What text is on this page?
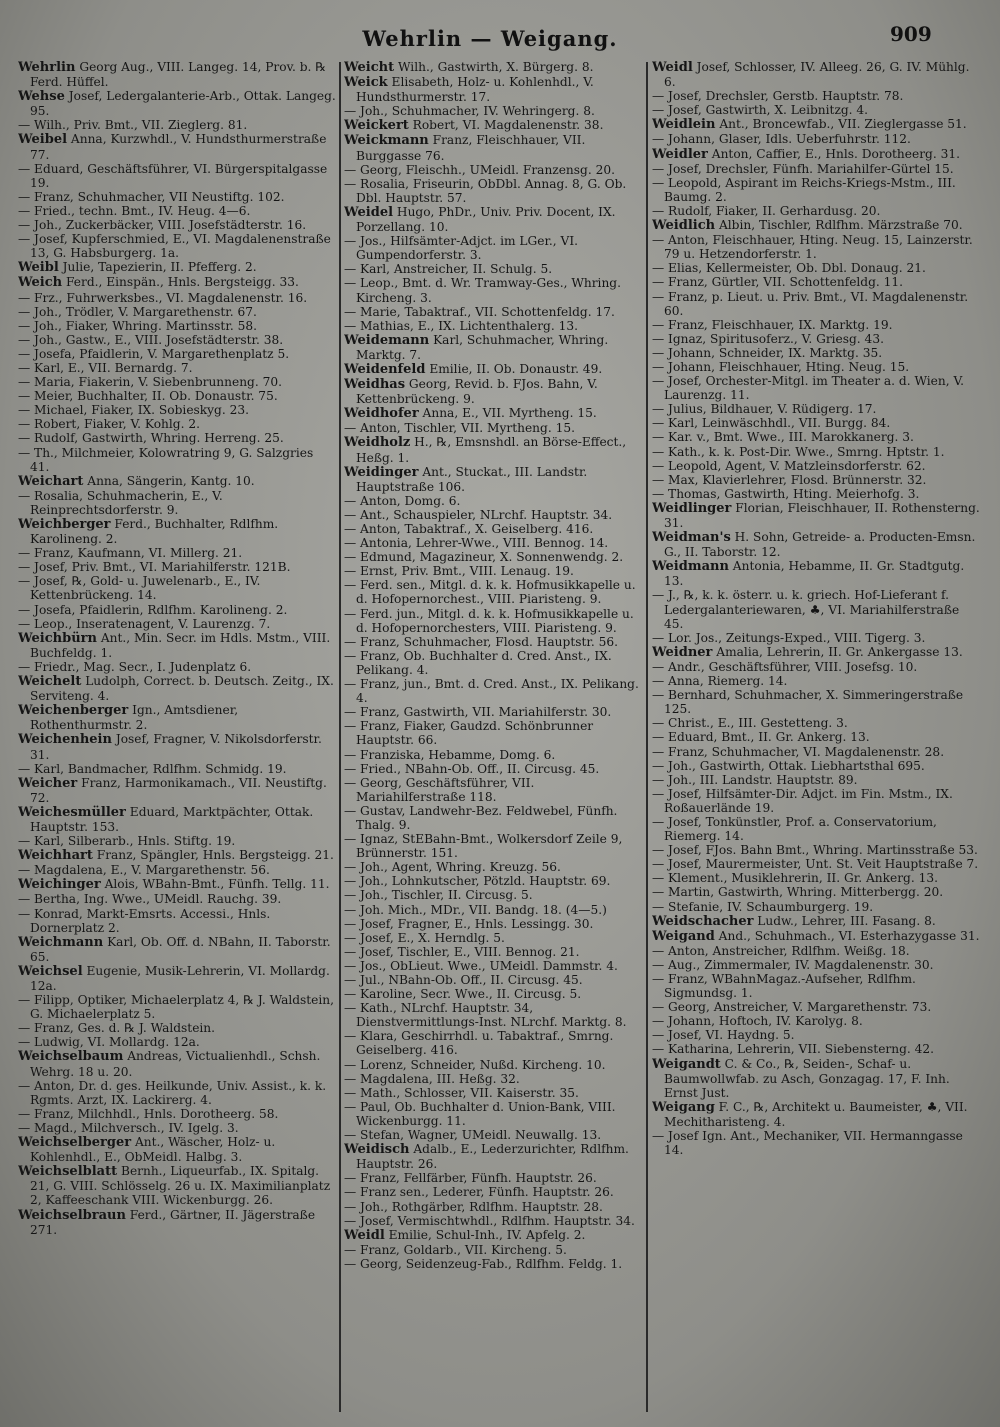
Wehrlin — Weigang.	909

Wehrlin Georg Aug., VIII. Langeg. 14, Prov. b. ℞ Ferd. Hüffel.

Wehse Josef, Ledergalanterie-Arb., Ottak. Langeg. 95.

— Wilh., Priv. Bmt., VII. Zieglerg. 81.

Weibel Anna, Kurzwhdl., V. Hundsthurmerstraße 77.

— Eduard, Geschäftsführer, VI. Bürgerspitalgasse 19.

— Franz, Schuhmacher, VII Neustiftg. 102.

— Fried., techn. Bmt., IV. Heug. 4—6.

— Joh., Zuckerbäcker, VIII. Josefstädterstr. 16.

— Josef, Kupferschmied, E., VI. Magdalenenstraße 13, G. Habsburgerg. 1a.

Weibl Julie, Tapezierin, II. Pfefferg. 2.

Weich Ferd., Einspän., Hnls. Bergsteigg. 33.

— Frz., Fuhrwerksbes., VI. Magdalenenstr. 16.

— Joh., Trödler, V. Margarethenstr. 67.

— Joh., Fiaker, Whring. Martinsstr. 58.

— Joh., Gastw., E., VIII. Josefstädterstr. 38.

— Josefa, Pfaidlerin, V. Margarethenplatz 5.

— Karl, E., VII. Bernardg. 7.

— Maria, Fiakerin, V. Siebenbrunneng. 70.

— Meier, Buchhalter, II. Ob. Donaustr. 75.

— Michael, Fiaker, IX. Sobieskyg. 23.

— Robert, Fiaker, V. Kohlg. 2.

— Rudolf, Gastwirth, Whring. Herreng. 25.

— Th., Milchmeier, Kolowratring 9, G. Salzgries 41.

Weichart Anna, Sängerin, Kantg. 10.

— Rosalia, Schuhmacherin, E., V. Reinprechtsdorferstr. 9.

Weichberger Ferd., Buchhalter, Rdlfhm. Karolineng. 2.

— Franz, Kaufmann, VI. Millerg. 21.

— Josef, Priv. Bmt., VI. Mariahilferstr. 121B.

— Josef, ℞, Gold- u. Juwelenarb., E., IV. Kettenbrückeng. 14.

— Josefa, Pfaidlerin, Rdlfhm. Karolineng. 2.

— Leop., Inseratenagent, V. Laurenzg. 7.

Weichbürn Ant., Min. Secr. im Hdls. Mstm., VIII. Buchfeldg. 1.

— Friedr., Mag. Secr., I. Judenplatz 6.

Weichelt Ludolph, Correct. b. Deutsch. Zeitg., IX. Serviteng. 4.

Weichenberger Ign., Amtsdiener, Rothenthurmstr. 2.

Weichenhein Josef, Fragner, V. Nikolsdorferstr. 31.

— Karl, Bandmacher, Rdlfhm. Schmidg. 19.

Weicher Franz, Harmonikamach., VII. Neustiftg. 72.

Weichesmüller Eduard, Marktpächter, Ottak. Hauptstr. 153.

— Karl, Silberarb., Hnls. Stiftg. 19.

Weichhart Franz, Spängler, Hnls. Bergsteigg. 21.

— Magdalena, E., V. Margarethenstr. 56.

Weichinger Alois, WBahn-Bmt., Fünfh. Tellg. 11.

— Bertha, Ing. Wwe., UMeidl. Rauchg. 39.

— Konrad, Markt-Emsrts. Accessi., Hnls. Dornerplatz 2.

Weichmann Karl, Ob. Off. d. NBahn, II. Taborstr. 65.

Weichsel Eugenie, Musik-Lehrerin, VI. Mollardg. 12a.

— Filipp, Optiker, Michaelerplatz 4, ℞ J. Waldstein, G. Michaelerplatz 5.

— Franz, Ges. d. ℞ J. Waldstein.

— Ludwig, VI. Mollardg. 12a.

Weichselbaum Andreas, Victualienhdl., Schsh. Wehrg. 18 u. 20.

— Anton, Dr. d. ges. Heilkunde, Univ. Assist., k. k. Rgmts. Arzt, IX. Lackirerg. 4.

— Franz, Milchhdl., Hnls. Dorotheerg. 58.

— Magd., Milchversch., IV. Igelg. 3.

Weichselberger Ant., Wäscher, Holz- u. Kohlenhdl., E., ObMeidl. Halbg. 3.

Weichselblatt Bernh., Liqueurfab., IX. Spitalg. 21, G. VIII. Schlösselg. 26 u. IX. Maximilianplatz 2, Kaffeeschank VIII. Wickenburgg. 26.

Weichselbraun Ferd., Gärtner, II. Jägerstraße 271.

Weicht Wilh., Gastwirth, X. Bürgerg. 8.

Weick Elisabeth, Holz- u. Kohlenhdl., V. Hundsthurmerstr. 17.

— Joh., Schuhmacher, IV. Wehringerg. 8.

Weickert Robert, VI. Magdalenenstr. 38.

Weickmann Franz, Fleischhauer, VII. Burggasse 76.

— Georg, Fleischh., UMeidl. Franzensg. 20.

— Rosalia, Friseurin, ObDbl. Annag. 8, G. Ob. Dbl. Hauptstr. 57.

Weidel Hugo, PhDr., Univ. Priv. Docent, IX. Porzellang. 10.

— Jos., Hilfsämter-Adjct. im LGer., VI. Gumpendorferstr. 3.

— Karl, Anstreicher, II. Schulg. 5.

— Leop., Bmt. d. Wr. Tramway-Ges., Whring. Kircheng. 3.

— Marie, Tabaktraf., VII. Schottenfeldg. 17.

— Mathias, E., IX. Lichtenthalerg. 13.

Weidemann Karl, Schuhmacher, Whring. Marktg. 7.

Weidenfeld Emilie, II. Ob. Donaustr. 49.

Weidhas Georg, Revid. b. FJos. Bahn, V. Kettenbrückeng. 9.

Weidhofer Anna, E., VII. Myrtheng. 15.

— Anton, Tischler, VII. Myrtheng. 15.

Weidholz H., ℞, Emsnshdl. an Börse-Effect., Heßg. 1.

Weidinger Ant., Stuckat., III. Landstr. Hauptstraße 106.

— Anton, Domg. 6.

— Ant., Schauspieler, NLrchf. Hauptstr. 34.

— Anton, Tabaktraf., X. Geiselberg. 416.

— Antonia, Lehrer-Wwe., VIII. Bennog. 14.

— Edmund, Magazineur, X. Sonnenwendg. 2.

— Ernst, Priv. Bmt., VIII. Lenaug. 19.

— Ferd. sen., Mitgl. d. k. k. Hofmusikkapelle u. d. Hofopernorchest., VIII. Piaristeng. 9.

— Ferd. jun., Mitgl. d. k. k. Hofmusikkapelle u. d. Hofopernorchesters, VIII. Piaristeng. 9.

— Franz, Schuhmacher, Flosd. Hauptstr. 56.

— Franz, Ob. Buchhalter d. Cred. Anst., IX. Pelikang. 4.

— Franz, jun., Bmt. d. Cred. Anst., IX. Pelikang. 4.

— Franz, Gastwirth, VII. Mariahilferstr. 30.

— Franz, Fiaker, Gaudzd. Schönbrunner Hauptstr. 66.

— Franziska, Hebamme, Domg. 6.

— Fried., NBahn-Ob. Off., II. Circusg. 45.

— Georg, Geschäftsführer, VII. Mariahilferstraße 118.

— Gustav, Landwehr-Bez. Feldwebel, Fünfh. Thalg. 9.

— Ignaz, StEBahn-Bmt., Wolkersdorf Zeile 9, Brünnerstr. 151.

— Joh., Agent, Whring. Kreuzg. 56.

— Joh., Lohnkutscher, Pötzld. Hauptstr. 69.

— Joh., Tischler, II. Circusg. 5.

— Joh. Mich., MDr., VII. Bandg. 18. (4—5.)

— Josef, Fragner, E., Hnls. Lessingg. 30.

— Josef, E., X. Herndlg. 5.

— Josef, Tischler, E., VIII. Bennog. 21.

— Jos., ObLieut. Wwe., UMeidl. Dammstr. 4.

— Jul., NBahn-Ob. Off., II. Circusg. 45.

— Karoline, Secr. Wwe., II. Circusg. 5.

— Kath., NLrchf. Hauptstr. 34, Dienstvermittlungs-Inst. NLrchf. Marktg. 8.

— Klara, Geschirrhdl. u. Tabaktraf., Smrng. Geiselberg. 416.

— Lorenz, Schneider, Nußd. Kircheng. 10.

— Magdalena, III. Heßg. 32.

— Math., Schlosser, VII. Kaiserstr. 35.

— Paul, Ob. Buchhalter d. Union-Bank, VIII. Wickenburgg. 11.

— Stefan, Wagner, UMeidl. Neuwallg. 13.

Weidisch Adalb., E., Lederzurichter, Rdlfhm. Hauptstr. 26.

— Franz, Fellfärber, Fünfh. Hauptstr. 26.

— Franz sen., Lederer, Fünfh. Hauptstr. 26.

— Joh., Rothgärber, Rdlfhm. Hauptstr. 28.

— Josef, Vermischtwhdl., Rdlfhm. Hauptstr. 34.

Weidl Emilie, Schul-Inh., IV. Apfelg. 2.

— Franz, Goldarb., VII. Kircheng. 5.

— Georg, Seidenzeug-Fab., Rdlfhm. Feldg. 1.

Weidl Josef, Schlosser, IV. Alleeg. 26, G. IV. Mühlg. 6.

— Josef, Drechsler, Gerstb. Hauptstr. 78.

— Josef, Gastwirth, X. Leibnitzg. 4.

Weidlein Ant., Broncewfab., VII. Zieglergasse 51.

— Johann, Glaser, Idls. Ueberfuhrstr. 112.

Weidler Anton, Caffier, E., Hnls. Dorotheerg. 31.

— Josef, Drechsler, Fünfh. Mariahilfer-Gürtel 15.

— Leopold, Aspirant im Reichs-Kriegs-Mstm., III. Baumg. 2.

— Rudolf, Fiaker, II. Gerhardusg. 20.

Weidlich Albin, Tischler, Rdlfhm. Märzstraße 70.

— Anton, Fleischhauer, Hting. Neug. 15, Lainzerstr. 79 u. Hetzendorferstr. 1.

— Elias, Kellermeister, Ob. Dbl. Donaug. 21.

— Franz, Gürtler, VII. Schottenfeldg. 11.

— Franz, p. Lieut. u. Priv. Bmt., VI. Magdalenenstr. 60.

— Franz, Fleischhauer, IX. Marktg. 19.

— Ignaz, Spiritusoferz., V. Griesg. 43.

— Johann, Schneider, IX. Marktg. 35.

— Johann, Fleischhauer, Hting. Neug. 15.

— Josef, Orchester-Mitgl. im Theater a. d. Wien, V. Laurenzg. 11.

— Julius, Bildhauer, V. Rüdigerg. 17.

— Karl, Leinwäschhdl., VII. Burgg. 84.

— Kar. v., Bmt. Wwe., III. Marokkanerg. 3.

— Kath., k. k. Post-Dir. Wwe., Smrng. Hptstr. 1.

— Leopold, Agent, V. Matzleinsdorferstr. 62.

— Max, Klavierlehrer, Flosd. Brünnerstr. 32.

— Thomas, Gastwirth, Hting. Meierhofg. 3.

Weidlinger Florian, Fleischhauer, II. Rothensterng. 31.

Weidman's H. Sohn, Getreide- a. Producten-Emsn. G., II. Taborstr. 12.

Weidmann Antonia, Hebamme, II. Gr. Stadtgutg. 13.

— J., ℞, k. k. österr. u. k. griech. Hof-Lieferant f. Ledergalanteriewaren, ♣, VI. Mariahilferstraße 45.

— Lor. Jos., Zeitungs-Exped., VIII. Tigerg. 3.

Weidner Amalia, Lehrerin, II. Gr. Ankergasse 13.

— Andr., Geschäftsführer, VIII. Josefsg. 10.

— Anna, Riemerg. 14.

— Bernhard, Schuhmacher, X. Simmeringerstraße 125.

— Christ., E., III. Gestetteng. 3.

— Eduard, Bmt., II. Gr. Ankerg. 13.

— Franz, Schuhmacher, VI. Magdalenenstr. 28.

— Joh., Gastwirth, Ottak. Liebhartsthal 695.

— Joh., III. Landstr. Hauptstr. 89.

— Josef, Hilfsämter-Dir. Adjct. im Fin. Mstm., IX. Roßauerlände 19.

— Josef, Tonkünstler, Prof. a. Conservatorium, Riemerg. 14.

— Josef, FJos. Bahn Bmt., Whring. Martinsstraße 53.

— Josef, Maurermeister, Unt. St. Veit Hauptstraße 7.

— Klement., Musiklehrerin, II. Gr. Ankerg. 13.

— Martin, Gastwirth, Whring. Mitterbergg. 20.

— Stefanie, IV. Schaumburgerg. 19.

Weidschacher Ludw., Lehrer, III. Fasang. 8.

Weigand And., Schuhmach., VI. Esterhazygasse 31.

— Anton, Anstreicher, Rdlfhm. Weißg. 18.

— Aug., Zimmermaler, IV. Magdalenenstr. 30.

— Franz, WBahnMagaz.-Aufseher, Rdlfhm. Sigmundsg. 1.

— Georg, Anstreicher, V. Margarethenstr. 73.

— Johann, Hoftoch, IV. Karolyg. 8.

— Josef, VI. Haydng. 5.

— Katharina, Lehrerin, VII. Siebensterng. 42.

Weigandt C. & Co., ℞, Seiden-, Schaf- u. Baumwollwfab. zu Asch, Gonzagag. 17, F. Inh. Ernst Just.

Weigang F. C., ℞, Architekt u. Baumeister, ♣, VII. Mechitharisteng. 4.

— Josef Ign. Ant., Mechaniker, VII. Hermanngasse 14.
